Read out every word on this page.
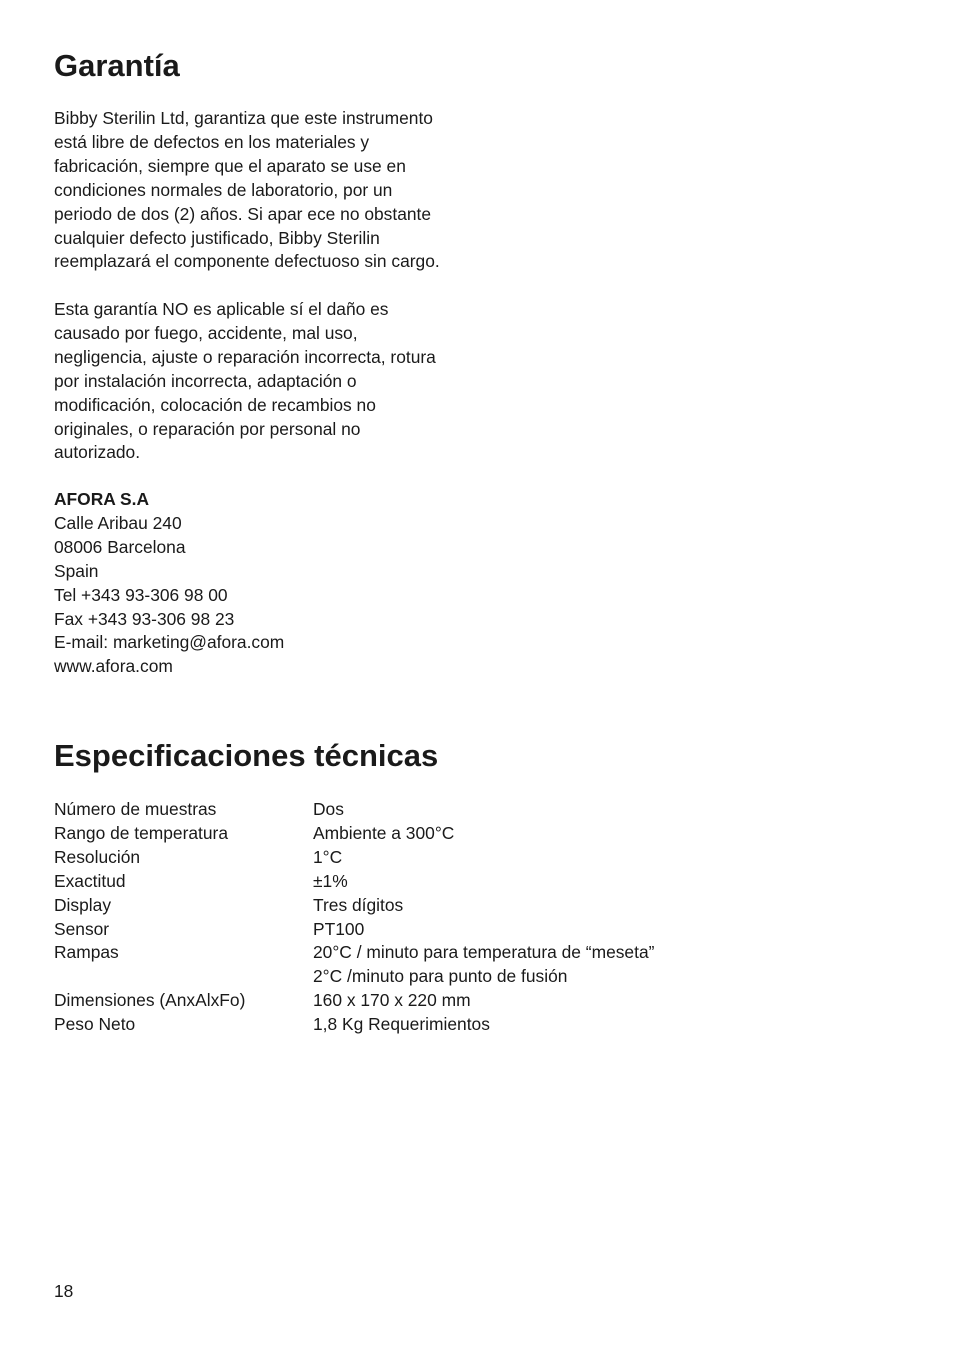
Garantía

Bibby Sterilin Ltd, garantiza que este instrumento
está libre de defectos en los materiales y
fabricación, siempre que el aparato se use en
condiciones normales de laboratorio, por un
periodo de dos (2) años. Si apar ece no obstante
cualquier defecto justificado, Bibby Sterilin
reemplazará el componente defectuoso sin cargo.

Esta garantía NO es aplicable sí el daño es
causado por fuego, accidente, mal uso,
negligencia, ajuste o reparación incorrecta, rotura
por instalación incorrecta, adaptación o
modificación, colocación de recambios no
originales, o reparación por personal no
autorizado.

AFORA S.A
Calle Aribau 240
08006 Barcelona
Spain
Tel +343 93-306 98 00
Fax +343 93-306 98 23
E-mail: marketing@afora.com
www.afora.com
Especificaciones técnicas
Número de muestras	Dos
Rango de temperatura	Ambiente a 300°C
Resolución	1°C
Exactitud	±1%
Display	Tres dígitos
Sensor	PT100
Rampas	20°C / minuto para temperatura de “meseta”
2°C /minuto para punto de fusión
Dimensiones (AnxAlxFo)	160 x 170 x 220 mm
Peso Neto	1,8 Kg Requerimientos
18
